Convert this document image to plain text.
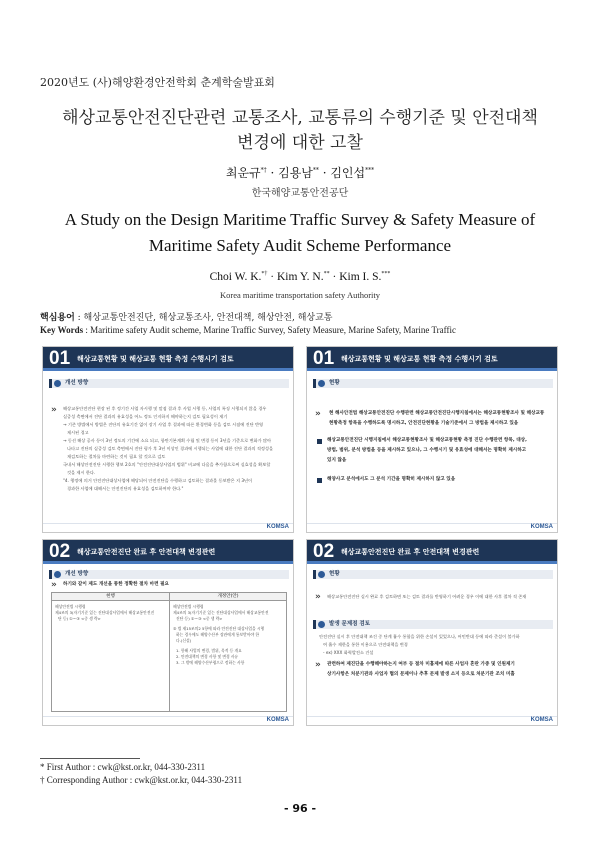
2020년도 (사)해양환경안전학회 춘계학술발표회
해상교통안전진단관련 교통조사, 교통류의 수행기준 및 안전대책
변경에 대한 고찰
최운규*† · 김용남** · 김인섭***
한국해양교통안전공단
A Study on the Design Maritime Traffic Survey & Safety Measure of
Maritime Safety Audit Scheme Performance
Choi W. K.*† · Kim Y. N.** · Kim I. S.***
Korea maritime transportation safety Authority
핵심용어 : 해상교통안전진단, 해상교통조사, 안전대책, 해상안전, 해상교통
Key Words : Maritime safety Audit scheme, Marine Traffic Survey, Safety Measure, Marine Safety, Marine Traffic
01 해상교통현황 및 해상교통 현황 측정 수행시기 검토
개선 방향
» 해상교통안전진단 현장 된 후 정기간 사업 자시행 및 말점 결과 후 사업 시행 등, 사업의 특징 시행되지 않을 경우
실증성 측면에서 진단 결과의 유효성을 어느 정도 인지하지 해야하는지 검토 필요성이 제기
→ 기존 방법에서 방법은 진단의 유효기간 없이 장기 사업 후 결과에 따른 환경변화 등을 검토 시점에 진단 반영
제시된 경고
→ 동선 해상 공사 등이 3년 정도의 기간에 소요 되고, 항만기본계획 수립 및 변경 등이 3년을 기준으로 변화가 많아
나타고 진단의 실증성 검토 측면에서 진단 평가 후 3년 이상인 경과에 시행되는 사업에 대한 진단 결과의 적정성을
재검토하는 절차를 마련하는 것이 필요 할 것으로 검토
국내서 해상안전진단 시행한 행보 2호의 "안전진단대상사업의 범위" 비교에 다음을 추가함으로써 실효성을 확보할
것을 제시 한다.
"4. 행정에 의거 안전진단대상사업에 해당되어 안전진단을 수행하고 검토하는 결과물 동보받은 지 3년이
경과한 사업에 대해서는 안전진단의 유효성을 검토하여야 한다."
KOMSA
01 해상교통현황 및 해상교통 현황 측정 수행시기 검토
현황
» 현 해사안전법 해상교통안전진단 수행관련 해상교통안전진단시행지침에서는 해상교통현황조사 및 해상교통
현황측정 항목을 수행하도록 명시하고, 안전진단현황을 기술기준에서 그 방법을 제시하고 있음
해상교통안전진단 시행지침에서 해상교통현황조사 및 해상교통현황 측정 진단 수행관련 항목, 대상,
방법, 범위, 분석 방법을 등을 제시하고 있으나, 그 수행시기 및 유효성에 대해서는 명확히 제시하고
있지 않음
해양사고 분석에서도 그 분석 기간을 명확히 제시하지 않고 있음
KOMSA
02 해상교통안전진단 완료 후 안전대책 변경관련
개선 방향
» 하기와 같이 제도 개선을 통한 정확한 절차 마련 필요
현행	개정안(안)
해상안전법 시행령
제4조의 3(자기기준 있는 진단대상사업에서 해상교통안전진
단 등) ①～③ <중 생 략>
해상안전법 시행령
제4조의 3(자기기준 있는 진단대상사업에서 해상교통안전
진단 등) ①～③ <중 생 략>
⑤ 법 제15조의2 5항에 따라 안전진단 대상사업을 시행
하는 경우에도 해양수산부 장관에게 통보받아야 한
다.(신설)
1. 항해 사업의 변경, 범위, 목적 등 개요
2. 안전대책의 변경 사항 및 변경 사유
3. 그 밖에 해양수산부령으로 정하는 사항
KOMSA
02 해상교통안전진단 완료 후 안전대책 변경관련
현황
» 해상교통안전진단 실시 완료 후 검토하면 또는 검토 결과를 반영하기 어려운 경우 이에 대한 사후 절차 적 존재
발생 문제점 검토
안전진단 실시 후 안전대책 조건 중 단계 흡수 통합을 위한 손설이 있었으나, 어민반대 등에 따라 준설이 불가하
여 흡수 제한을 통한 이용으로 안전대책을 변경
- ex) XXX 화력발전소 건설
» 관련하여 제진단을 수행해야하는지 여부 등 절차 미흡제에 따른 사업자 혼란 가중 및 인원제기
상기사항은 처분기관과 사업자 협의 문제이나 추후 문제 발생 소지 등으로 처분기관 조치 미흡
KOMSA
* First Author : cwk@kst.or.kr, 044-330-2311
† Corresponding Author : cwk@kst.or.kr, 044-330-2311
- 96 -
